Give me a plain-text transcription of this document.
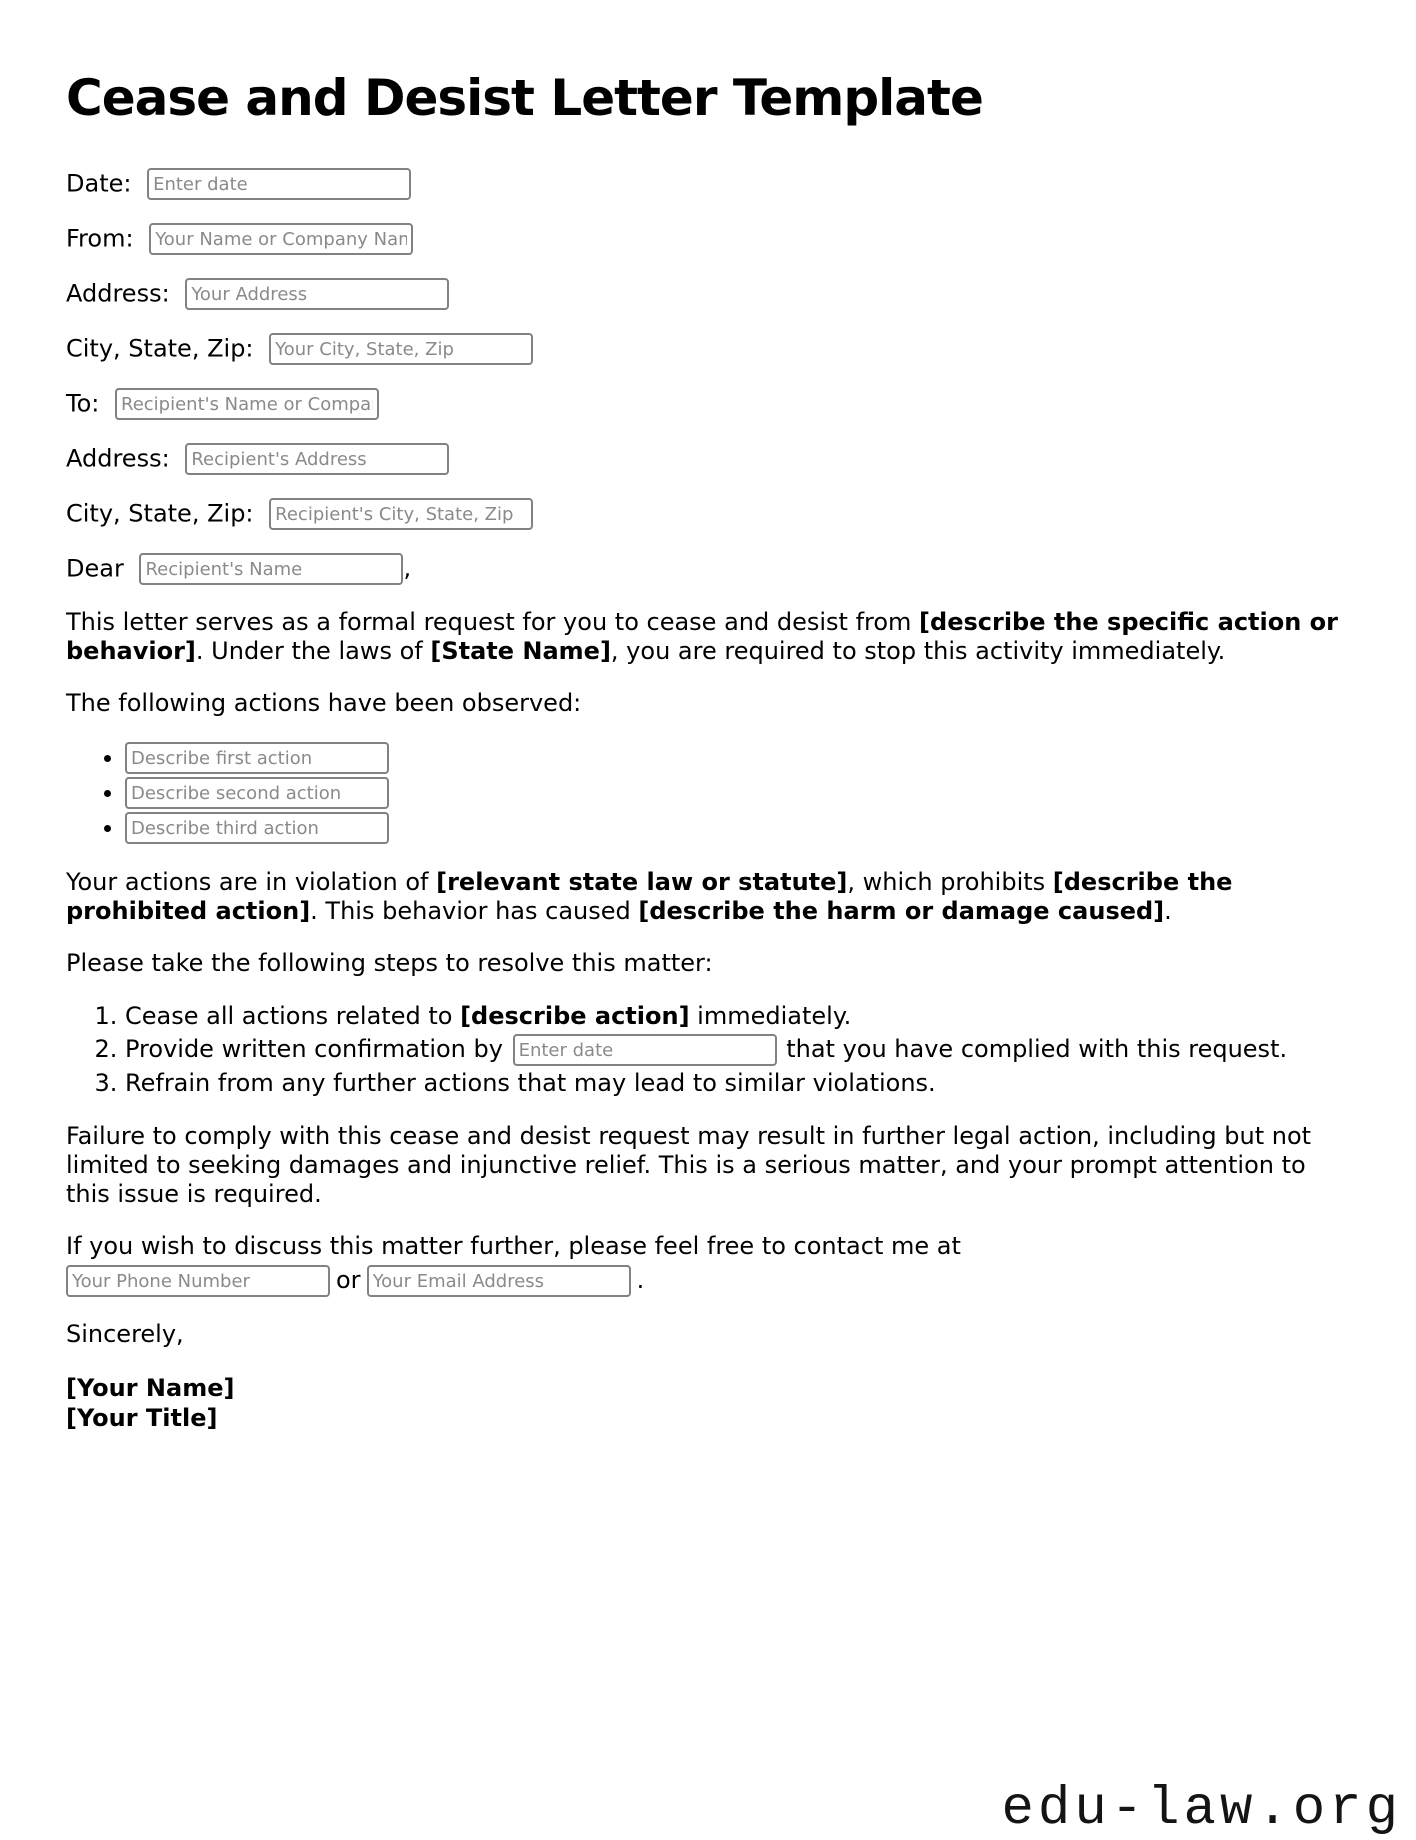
Cease and Desist Letter Template

Date: Enter date

From: Your Name or Company Name

Address: Your Address

City, State, Zip: Your City, State, Zip

To: Recipient's Name or Company

Address: Recipient's Address

City, State, Zip: Recipient's City, State, Zip

Dear Recipient's Name	,

This letter serves as a formal request for you to cease and desist from [describe the specific action or behavior]. Under the laws of [State Name], you are required to stop this activity immediately.

The following actions have been observed:

• Describe first action
• Describe second action
• Describe third action

Your actions are in violation of [relevant state law or statute], which prohibits [describe the prohibited action]. This behavior has caused [describe the harm or damage caused].

Please take the following steps to resolve this matter:

1. Cease all actions related to [describe action] immediately.
2. Provide written confirmation by Enter date	that you have complied with this request.
3. Refrain from any further actions that may lead to similar violations.

Failure to comply with this cease and desist request may result in further legal action, including but not limited to seeking damages and injunctive relief. This is a serious matter, and your prompt attention to this issue is required.

If you wish to discuss this matter further, please feel free to contact me at
Your Phone NumberorYour Email Address	.

Sincerely,

[Your Name]
[Your Title]
edu-law.org
